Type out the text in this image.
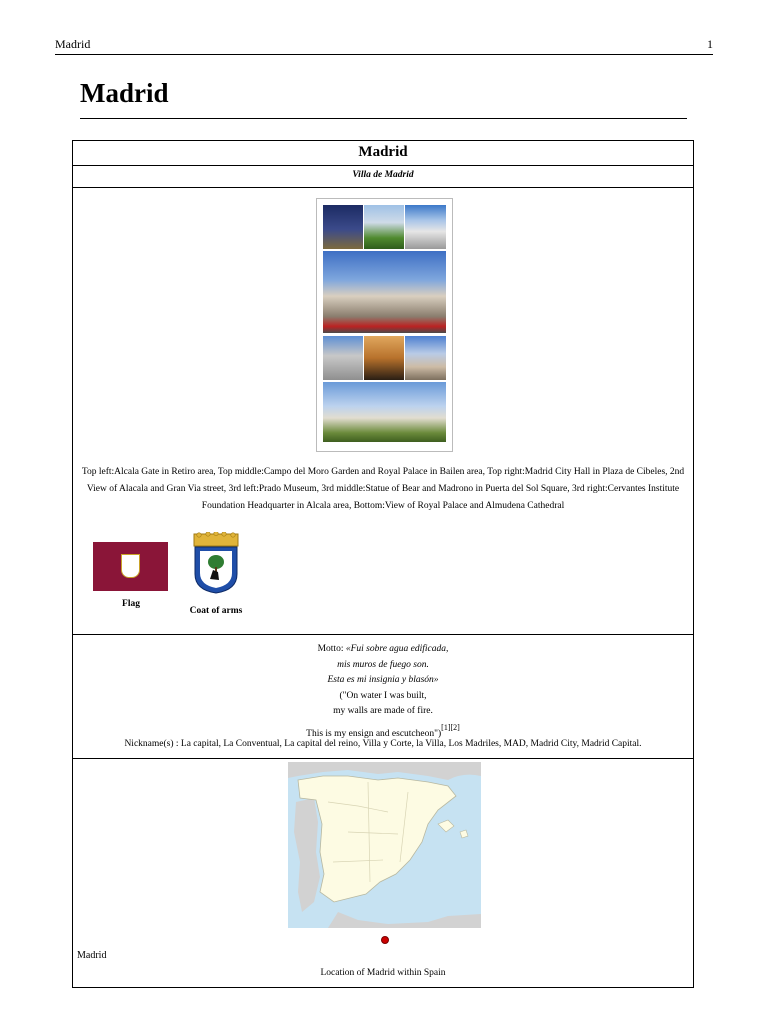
Madrid	1
Madrid
Madrid
Villa de Madrid
Top left:Alcala Gate in Retiro area, Top middle:Campo del Moro Garden and Royal Palace in Bailen area, Top right:Madrid City Hall in Plaza de Cibeles, 2nd View of Alacala and Gran Via street, 3rd left:Prado Museum, 3rd middle:Statue of Bear and Madrono in Puerta del Sol Square, 3rd right:Cervantes Institute Foundation Headquarter in Alcala area, Bottom:View of Royal Palace and Almudena Cathedral
Flag
Coat of arms
Motto: «Fui sobre agua edificada,
mis muros de fuego son.
Esta es mi insignia y blasón»
("On water I was built,
my walls are made of fire.
This is my ensign and escutcheon")[1][2]
Nickname(s) : La capital, La Conventual, La capital del reino, Villa y Corte, la Villa, Los Madriles, MAD, Madrid City, Madrid Capital.
Madrid
Location of Madrid within Spain
